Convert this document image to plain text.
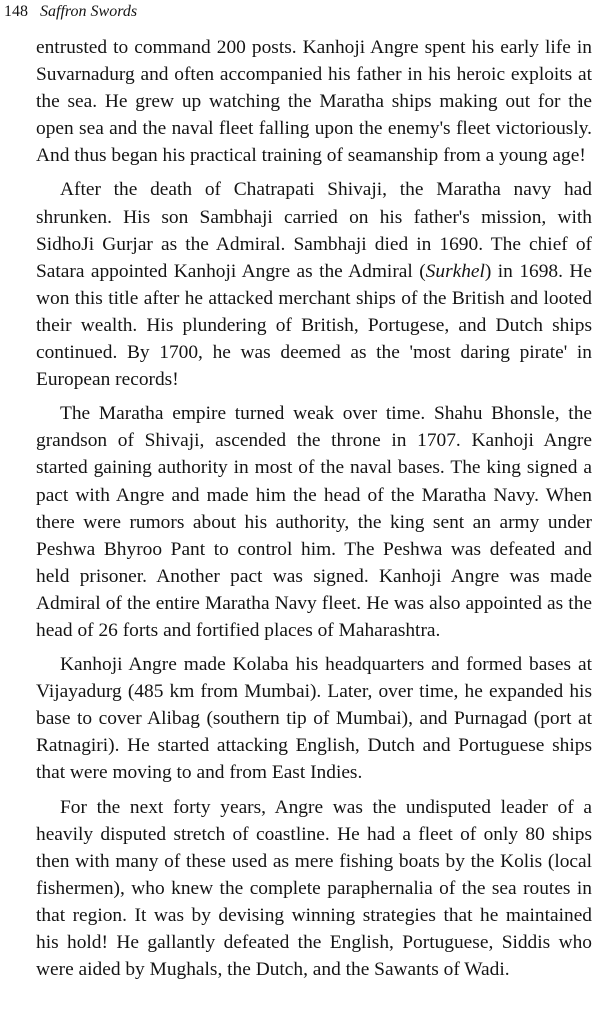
148 Saffron Swords

entrusted to command 200 posts. Kanhoji Angre spent his early life in Suvarnadurg and often accompanied his father in his heroic exploits at the sea. He grew up watching the Maratha ships making out for the open sea and the naval fleet falling upon the enemy's fleet victoriously. And thus began his practical training of seamanship from a young age!

After the death of Chatrapati Shivaji, the Maratha navy had shrunken. His son Sambhaji carried on his father's mission, with SidhoJi Gurjar as the Admiral. Sambhaji died in 1690. The chief of Satara appointed Kanhoji Angre as the Admiral (Surkhel) in 1698. He won this title after he attacked merchant ships of the British and looted their wealth. His plundering of British, Portugese, and Dutch ships continued. By 1700, he was deemed as the 'most daring pirate' in European records!

The Maratha empire turned weak over time. Shahu Bhonsle, the grandson of Shivaji, ascended the throne in 1707. Kanhoji Angre started gaining authority in most of the naval bases. The king signed a pact with Angre and made him the head of the Maratha Navy. When there were rumors about his authority, the king sent an army under Peshwa Bhyroo Pant to control him. The Peshwa was defeated and held prisoner. Another pact was signed. Kanhoji Angre was made Admiral of the entire Maratha Navy fleet. He was also appointed as the head of 26 forts and fortified places of Maharashtra.

Kanhoji Angre made Kolaba his headquarters and formed bases at Vijayadurg (485 km from Mumbai). Later, over time, he expanded his base to cover Alibag (southern tip of Mumbai), and Purnagad (port at Ratnagiri). He started attacking English, Dutch and Portuguese ships that were moving to and from East Indies.

For the next forty years, Angre was the undisputed leader of a heavily disputed stretch of coastline. He had a fleet of only 80 ships then with many of these used as mere fishing boats by the Kolis (local fishermen), who knew the complete paraphernalia of the sea routes in that region. It was by devising winning strategies that he maintained his hold! He gallantly defeated the English, Portuguese, Siddis who were aided by Mughals, the Dutch, and the Sawants of Wadi.
